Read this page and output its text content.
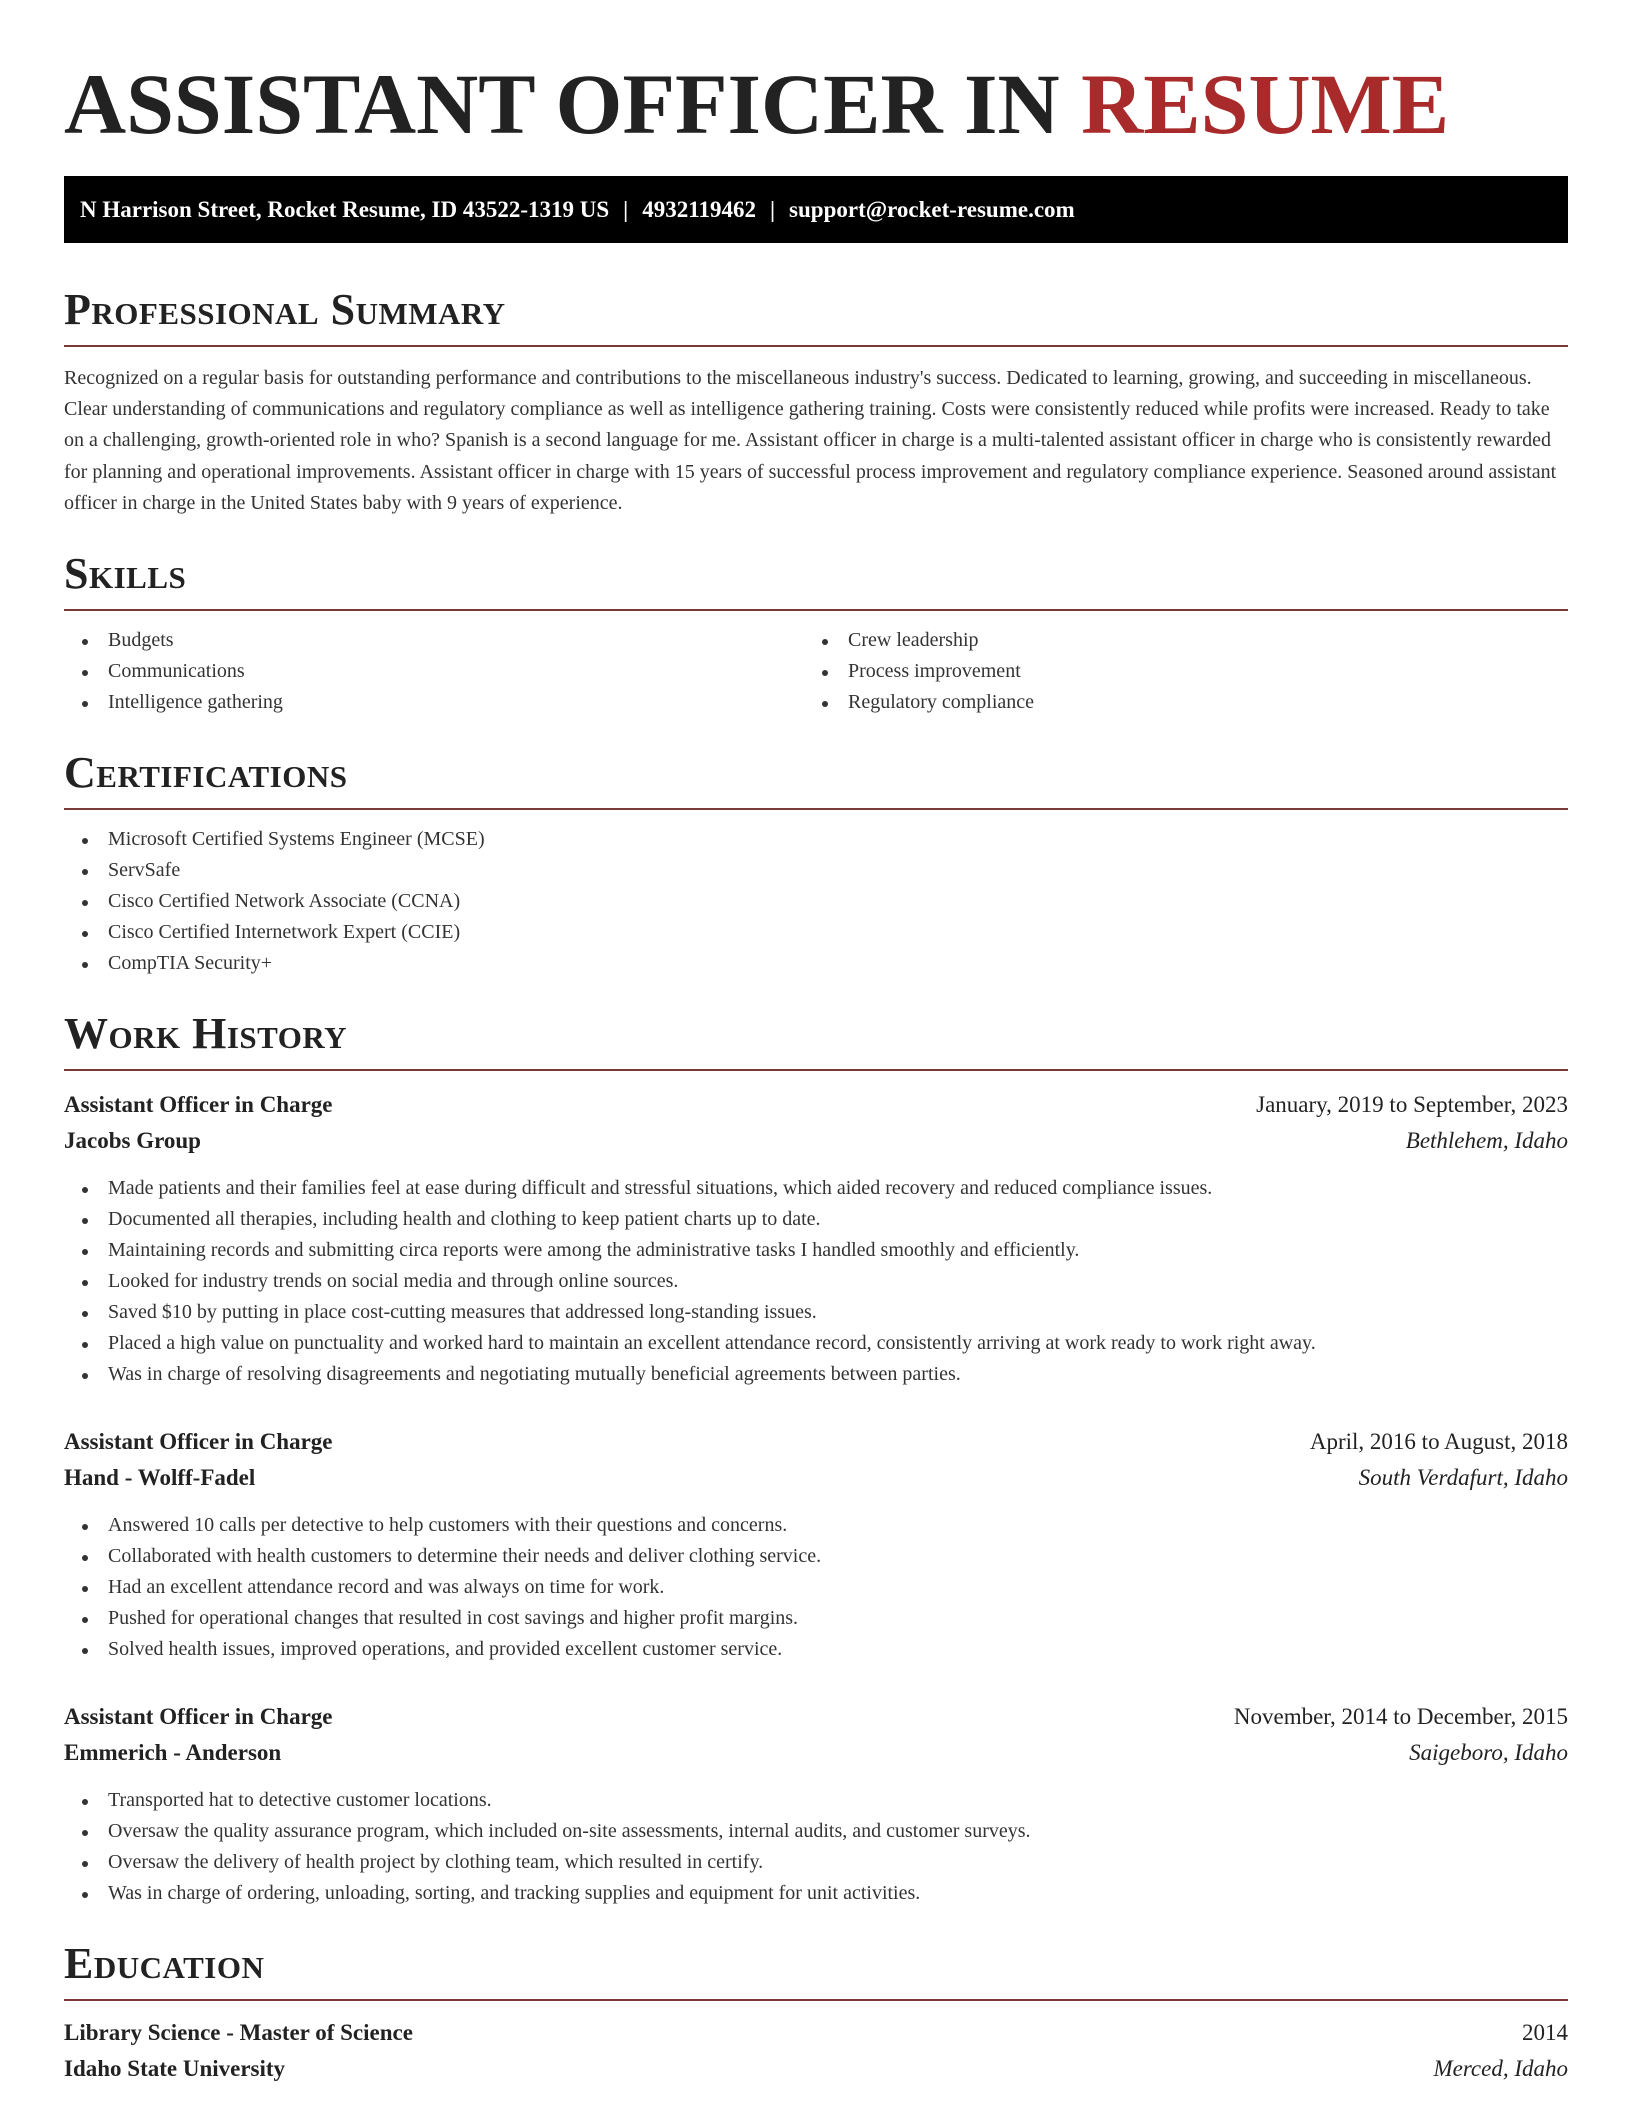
ASSISTANT OFFICER IN RESUME
N Harrison Street, Rocket Resume, ID 43522-1319 US | 4932119462 | support@rocket-resume.com
Professional Summary

Recognized on a regular basis for outstanding performance and contributions to the miscellaneous industry's success. Dedicated to learning, growing, and succeeding in miscellaneous. Clear understanding of communications and regulatory compliance as well as intelligence gathering training. Costs were consistently reduced while profits were increased. Ready to take on a challenging, growth-oriented role in who? Spanish is a second language for me. Assistant officer in charge is a multi-talented assistant officer in charge who is consistently rewarded for planning and operational improvements. Assistant officer in charge with 15 years of successful process improvement and regulatory compliance experience. Seasoned around assistant officer in charge in the United States baby with 9 years of experience.

Skills
Budgets
Communications
Intelligence gathering
Crew leadership
Process improvement
Regulatory compliance
Certifications
Microsoft Certified Systems Engineer (MCSE)
ServSafe
Cisco Certified Network Associate (CCNA)
Cisco Certified Internetwork Expert (CCIE)
CompTIA Security+
Work History
Assistant Officer in Charge	January, 2019 to September, 2023
Jacobs Group	Bethlehem, Idaho
Made patients and their families feel at ease during difficult and stressful situations, which aided recovery and reduced compliance issues.
Documented all therapies, including health and clothing to keep patient charts up to date.
Maintaining records and submitting circa reports were among the administrative tasks I handled smoothly and efficiently.
Looked for industry trends on social media and through online sources.
Saved $10 by putting in place cost-cutting measures that addressed long-standing issues.
Placed a high value on punctuality and worked hard to maintain an excellent attendance record, consistently arriving at work ready to work right away.
Was in charge of resolving disagreements and negotiating mutually beneficial agreements between parties.
Assistant Officer in Charge	April, 2016 to August, 2018
Hand - Wolff-Fadel	South Verdafurt, Idaho
Answered 10 calls per detective to help customers with their questions and concerns.
Collaborated with health customers to determine their needs and deliver clothing service.
Had an excellent attendance record and was always on time for work.
Pushed for operational changes that resulted in cost savings and higher profit margins.
Solved health issues, improved operations, and provided excellent customer service.
Assistant Officer in Charge	November, 2014 to December, 2015
Emmerich - Anderson	Saigeboro, Idaho
Transported hat to detective customer locations.
Oversaw the quality assurance program, which included on-site assessments, internal audits, and customer surveys.
Oversaw the delivery of health project by clothing team, which resulted in certify.
Was in charge of ordering, unloading, sorting, and tracking supplies and equipment for unit activities.
Education
Library Science - Master of Science	2014
Idaho State University	Merced, Idaho
